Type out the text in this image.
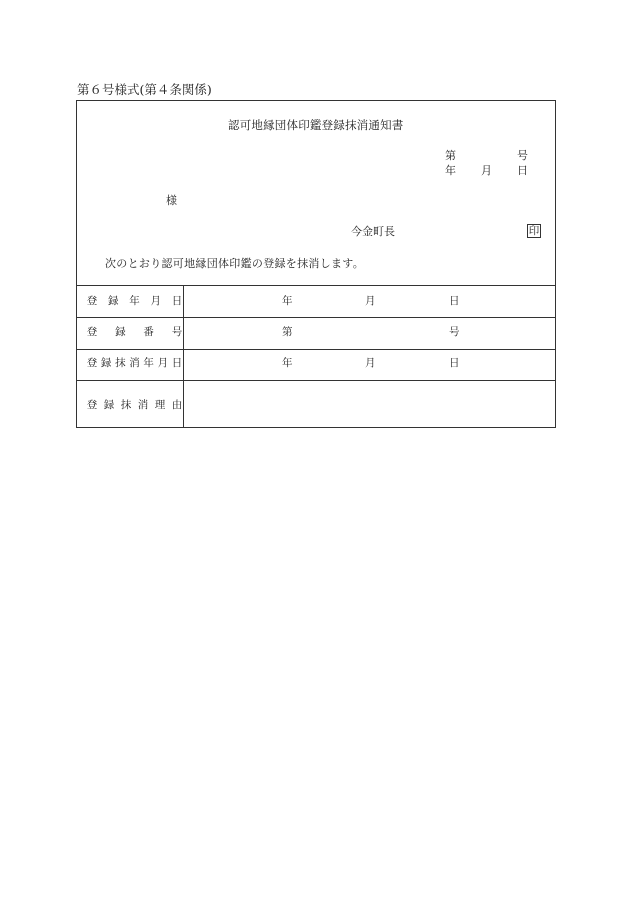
第６号様式(第４条関係)
認可地縁団体印鑑登録抹消通知書
第	号
年 月 日
様
今金町長	印
次のとおり認可地縁団体印鑑の登録を抹消します。
登 録 年 月 日	年	月	日
登 録 番 号	第	号
登 録 抹 消 年 月 日	年	月	日
登 録 抹 消 理 由
